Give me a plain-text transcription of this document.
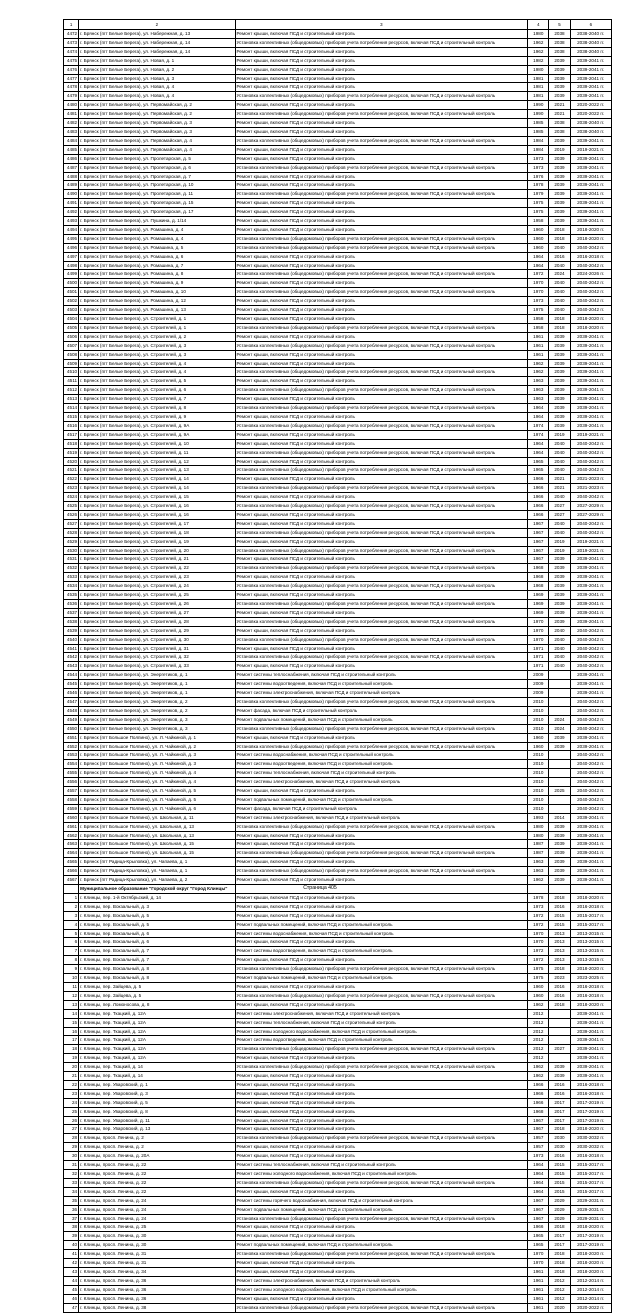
1	2	3	4	5	6
4472	г. Брянск (пгт Белые Берега), ул. Набережная, д. 13	Ремонт крыши, включая ПСД и строительный контроль	1980	2038	2038-2040 гг.
4473	г. Брянск (пгт Белые Берега), ул. Набережная, д. 14	Установка коллективных (общедомовых) приборов учета потребления ресурсов, включая ПСД и строительный контроль	1962	2038	2038-2040 гг.
4474	г. Брянск (пгт Белые Берега), ул. Набережная, д. 14	Ремонт крыши, включая ПСД и строительный контроль	1962	2038	2038-2040 гг.
4475	г. Брянск (пгт Белые Берега), ул. Новая, д. 1	Ремонт крыши, включая ПСД и строительный контроль	1982	2039	2039-2041 гг.
4476	г. Брянск (пгт Белые Берега), ул. Новая, д. 2	Ремонт крыши, включая ПСД и строительный контроль	1980	2039	2039-2041 гг.
4477	г. Брянск (пгт Белые Берега), ул. Новая, д. 3	Ремонт крыши, включая ПСД и строительный контроль	1981	2039	2039-2041 гг.
4478	г. Брянск (пгт Белые Берега), ул. Новая, д. 4	Ремонт крыши, включая ПСД и строительный контроль	1981	2039	2039-2041 гг.
4479	г. Брянск (пгт Белые Берега), ул. Новая, д. 4	Установка коллективных (общедомовых) приборов учета потребления ресурсов, включая ПСД и строительный контроль	1981	2039	2039-2041 гг.
4480	г. Брянск (пгт Белые Берега), ул. Первомайская, д. 2	Ремонт крыши, включая ПСД и строительный контроль	1990	2021	2020-2022 гг.
4481	г. Брянск (пгт Белые Берега), ул. Первомайская, д. 2	Установка коллективных (общедомовых) приборов учета потребления ресурсов, включая ПСД и строительный контроль	1990	2021	2020-2022 гг.
4482	г. Брянск (пгт Белые Берега), ул. Первомайская, д. 3	Ремонт крыши, включая ПСД и строительный контроль	1985	2038	2038-2040 гг.
4483	г. Брянск (пгт Белые Берега), ул. Первомайская, д. 3	Ремонт крыши, включая ПСД и строительный контроль	1985	2038	2038-2040 гг.
4484	г. Брянск (пгт Белые Берега), ул. Первомайская, д. 4	Установка коллективных (общедомовых) приборов учета потребления ресурсов, включая ПСД и строительный контроль	1984	2039	2039-2041 гг.
4485	г. Брянск (пгт Белые Берега), ул. Первомайская, д. 4	Ремонт крыши, включая ПСД и строительный контроль	1984	2019	2019-2021 гг.
4486	г. Брянск (пгт Белые Берега), ул. Пролетарская, д. 5	Ремонт крыши, включая ПСД и строительный контроль	1973	2039	2039-2041 гг.
4487	г. Брянск (пгт Белые Берега), ул. Пролетарская, д. 6	Установка коллективных (общедомовых) приборов учета потребления ресурсов, включая ПСД и строительный контроль	1973	2039	2039-2041 гг.
4488	г. Брянск (пгт Белые Берега), ул. Пролетарская, д. 7	Ремонт крыши, включая ПСД и строительный контроль	1976	2039	2039-2041 гг.
4489	г. Брянск (пгт Белые Берега), ул. Пролетарская, д. 10	Ремонт крыши, включая ПСД и строительный контроль	1978	2039	2039-2041 гг.
4490	г. Брянск (пгт Белые Берега), ул. Пролетарская, д. 11	Установка коллективных (общедомовых) приборов учета потребления ресурсов, включая ПСД и строительный контроль	1979	2039	2039-2041 гг.
4491	г. Брянск (пгт Белые Берега), ул. Пролетарская, д. 15	Ремонт крыши, включая ПСД и строительный контроль	1975	2039	2039-2041 гг.
4492	г. Брянск (пгт Белые Берега), ул. Пролетарская, д. 17	Ремонт крыши, включая ПСД и строительный контроль	1975	2039	2039-2041 гг.
4493	г. Брянск (пгт Белые Берега), ул. Пушкина, д. 1/14	Ремонт крыши, включая ПСД и строительный контроль	1958	2039	2039-2041 гг.
4494	г. Брянск (пгт Белые Берега), ул. Ромашина, д. 4	Ремонт крыши, включая ПСД и строительный контроль	1960	2018	2018-2020 гг.
4495	г. Брянск (пгт Белые Берега), ул. Ромашина, д. 4	Установка коллективных (общедомовых) приборов учета потребления ресурсов, включая ПСД и строительный контроль	1960	2018	2018-2020 гг.
4496	г. Брянск (пгт Белые Берега), ул. Ромашина, д. 5	Установка коллективных (общедомовых) приборов учета потребления ресурсов, включая ПСД и строительный контроль	1960	2040	2040-2042 гг.
4497	г. Брянск (пгт Белые Берега), ул. Ромашина, д. 6	Ремонт крыши, включая ПСД и строительный контроль	1964	2016	2016-2018 гг.
4498	г. Брянск (пгт Белые Берега), ул. Ромашина, д. 7	Ремонт крыши, включая ПСД и строительный контроль	1964	2040	2040-2042 гг.
4499	г. Брянск (пгт Белые Берега), ул. Ромашина, д. 8	Установка коллективных (общедомовых) приборов учета потребления ресурсов, включая ПСД и строительный контроль	1972	2024	2024-2026 гг.
4500	г. Брянск (пгт Белые Берега), ул. Ромашина, д. 9	Ремонт крыши, включая ПСД и строительный контроль	1970	2040	2040-2042 гг.
4501	г. Брянск (пгт Белые Берега), ул. Ромашина, д. 10	Установка коллективных (общедомовых) приборов учета потребления ресурсов, включая ПСД и строительный контроль	1970	2040	2040-2042 гг.
4502	г. Брянск (пгт Белые Берега), ул. Ромашина, д. 12	Ремонт крыши, включая ПСД и строительный контроль	1973	2040	2040-2042 гг.
4503	г. Брянск (пгт Белые Берега), ул. Ромашина, д. 13	Ремонт крыши, включая ПСД и строительный контроль	1975	2040	2040-2042 гг.
4504	г. Брянск (пгт Белые Берега), ул. Строителей, д. 1	Ремонт крыши, включая ПСД и строительный контроль	1958	2018	2018-2020 гг.
4505	г. Брянск (пгт Белые Берега), ул. Строителей, д. 1	Установка коллективных (общедомовых) приборов учета потребления ресурсов, включая ПСД и строительный контроль	1958	2018	2018-2020 гг.
4506	г. Брянск (пгт Белые Берега), ул. Строителей, д. 2	Ремонт крыши, включая ПСД и строительный контроль	1961	2039	2039-2041 гг.
4507	г. Брянск (пгт Белые Берега), ул. Строителей, д. 3	Установка коллективных (общедомовых) приборов учета потребления ресурсов, включая ПСД и строительный контроль	1961	2039	2039-2041 гг.
4508	г. Брянск (пгт Белые Берега), ул. Строителей, д. 3	Ремонт крыши, включая ПСД и строительный контроль	1961	2039	2039-2041 гг.
4509	г. Брянск (пгт Белые Берега), ул. Строителей, д. 4	Ремонт крыши, включая ПСД и строительный контроль	1962	2039	2039-2041 гг.
4510	г. Брянск (пгт Белые Берега), ул. Строителей, д. 4	Установка коллективных (общедомовых) приборов учета потребления ресурсов, включая ПСД и строительный контроль	1962	2039	2039-2041 гг.
4511	г. Брянск (пгт Белые Берега), ул. Строителей, д. 5	Ремонт крыши, включая ПСД и строительный контроль	1963	2039	2039-2041 гг.
4512	г. Брянск (пгт Белые Берега), ул. Строителей, д. 6	Установка коллективных (общедомовых) приборов учета потребления ресурсов, включая ПСД и строительный контроль	1963	2039	2039-2041 гг.
4513	г. Брянск (пгт Белые Берега), ул. Строителей, д. 7	Ремонт крыши, включая ПСД и строительный контроль	1963	2039	2039-2041 гг.
4514	г. Брянск (пгт Белые Берега), ул. Строителей, д. 8	Установка коллективных (общедомовых) приборов учета потребления ресурсов, включая ПСД и строительный контроль	1964	2039	2039-2041 гг.
4515	г. Брянск (пгт Белые Берега), ул. Строителей, д. 9	Ремонт крыши, включая ПСД и строительный контроль	1964	2039	2039-2041 гг.
4516	г. Брянск (пгт Белые Берега), ул. Строителей, д. 9А	Установка коллективных (общедомовых) приборов учета потребления ресурсов, включая ПСД и строительный контроль	1974	2039	2039-2041 гг.
4517	г. Брянск (пгт Белые Берега), ул. Строителей, д. 9А	Ремонт крыши, включая ПСД и строительный контроль	1974	2019	2019-2021 гг.
4518	г. Брянск (пгт Белые Берега), ул. Строителей, д. 10	Ремонт крыши, включая ПСД и строительный контроль	1964	2040	2040-2042 гг.
4519	г. Брянск (пгт Белые Берега), ул. Строителей, д. 11	Установка коллективных (общедомовых) приборов учета потребления ресурсов, включая ПСД и строительный контроль	1964	2040	2040-2042 гг.
4520	г. Брянск (пгт Белые Берега), ул. Строителей, д. 12	Ремонт крыши, включая ПСД и строительный контроль	1965	2040	2040-2042 гг.
4521	г. Брянск (пгт Белые Берега), ул. Строителей, д. 13	Установка коллективных (общедомовых) приборов учета потребления ресурсов, включая ПСД и строительный контроль	1965	2040	2040-2042 гг.
4522	г. Брянск (пгт Белые Берега), ул. Строителей, д. 14	Ремонт крыши, включая ПСД и строительный контроль	1966	2021	2021-2023 гг.
4523	г. Брянск (пгт Белые Берега), ул. Строителей, д. 14	Установка коллективных (общедомовых) приборов учета потребления ресурсов, включая ПСД и строительный контроль	1966	2021	2021-2023 гг.
4524	г. Брянск (пгт Белые Берега), ул. Строителей, д. 15	Ремонт крыши, включая ПСД и строительный контроль	1966	2040	2040-2042 гг.
4525	г. Брянск (пгт Белые Берега), ул. Строителей, д. 16	Установка коллективных (общедомовых) приборов учета потребления ресурсов, включая ПСД и строительный контроль	1966	2027	2027-2029 гг.
4526	г. Брянск (пгт Белые Берега), ул. Строителей, д. 16	Ремонт крыши, включая ПСД и строительный контроль	1966	2027	2027-2029 гг.
4527	г. Брянск (пгт Белые Берега), ул. Строителей, д. 17	Ремонт крыши, включая ПСД и строительный контроль	1967	2040	2040-2042 гг.
4528	г. Брянск (пгт Белые Берега), ул. Строителей, д. 18	Установка коллективных (общедомовых) приборов учета потребления ресурсов, включая ПСД и строительный контроль	1967	2040	2040-2042 гг.
4529	г. Брянск (пгт Белые Берега), ул. Строителей, д. 19	Ремонт крыши, включая ПСД и строительный контроль	1967	2019	2019-2021 гг.
4530	г. Брянск (пгт Белые Берега), ул. Строителей, д. 20	Установка коллективных (общедомовых) приборов учета потребления ресурсов, включая ПСД и строительный контроль	1967	2019	2019-2021 гг.
4531	г. Брянск (пгт Белые Берега), ул. Строителей, д. 21	Ремонт крыши, включая ПСД и строительный контроль	1967	2039	2039-2041 гг.
4532	г. Брянск (пгт Белые Берега), ул. Строителей, д. 22	Установка коллективных (общедомовых) приборов учета потребления ресурсов, включая ПСД и строительный контроль	1968	2039	2039-2041 гг.
4533	г. Брянск (пгт Белые Берега), ул. Строителей, д. 23	Ремонт крыши, включая ПСД и строительный контроль	1968	2039	2039-2041 гг.
4534	г. Брянск (пгт Белые Берега), ул. Строителей, д. 24	Установка коллективных (общедомовых) приборов учета потребления ресурсов, включая ПСД и строительный контроль	1968	2039	2039-2041 гг.
4535	г. Брянск (пгт Белые Берега), ул. Строителей, д. 25	Ремонт крыши, включая ПСД и строительный контроль	1969	2039	2039-2041 гг.
4536	г. Брянск (пгт Белые Берега), ул. Строителей, д. 26	Установка коллективных (общедомовых) приборов учета потребления ресурсов, включая ПСД и строительный контроль	1969	2039	2039-2041 гг.
4537	г. Брянск (пгт Белые Берега), ул. Строителей, д. 27	Ремонт крыши, включая ПСД и строительный контроль	1969	2039	2039-2041 гг.
4538	г. Брянск (пгт Белые Берега), ул. Строителей, д. 28	Установка коллективных (общедомовых) приборов учета потребления ресурсов, включая ПСД и строительный контроль	1970	2039	2039-2041 гг.
4539	г. Брянск (пгт Белые Берега), ул. Строителей, д. 29	Ремонт крыши, включая ПСД и строительный контроль	1970	2040	2040-2042 гг.
4540	г. Брянск (пгт Белые Берега), ул. Строителей, д. 30	Установка коллективных (общедомовых) приборов учета потребления ресурсов, включая ПСД и строительный контроль	1970	2040	2040-2042 гг.
4541	г. Брянск (пгт Белые Берега), ул. Строителей, д. 31	Ремонт крыши, включая ПСД и строительный контроль	1971	2040	2040-2042 гг.
4542	г. Брянск (пгт Белые Берега), ул. Строителей, д. 32	Установка коллективных (общедомовых) приборов учета потребления ресурсов, включая ПСД и строительный контроль	1971	2040	2040-2042 гг.
4543	г. Брянск (пгт Белые Берега), ул. Строителей, д. 33	Ремонт крыши, включая ПСД и строительный контроль	1971	2040	2040-2042 гг.
4544	г. Брянск (пгт Белые Берега), ул. Энергетиков, д. 1	Ремонт системы теплоснабжения, включая ПСД и строительный контроль	2009		2039-2041 гг.
4545	г. Брянск (пгт Белые Берега), ул. Энергетиков, д. 1	Ремонт системы водоотведения, включая ПСД и строительный контроль	2009		2039-2041 гг.
4546	г. Брянск (пгт Белые Берега), ул. Энергетиков, д. 1	Ремонт системы электроснабжения, включая ПСД и строительный контроль	2009		2039-2041 гг.
4547	г. Брянск (пгт Белые Берега), ул. Энергетиков, д. 2	Установка коллективных (общедомовых) приборов учета потребления ресурсов, включая ПСД и строительный контроль	2010		2040-2042 гг.
4548	г. Брянск (пгт Белые Берега), ул. Энергетиков, д. 2	Ремонт фасада, включая ПСД и строительный контроль	2010		2040-2042 гг.
4549	г. Брянск (пгт Белые Берега), ул. Энергетиков, д. 3	Ремонт подвальных помещений, включая ПСД и строительный контроль	2010	2024	2040-2042 гг.
4550	г. Брянск (пгт Белые Берега), ул. Энергетиков, д. 3	Установка коллективных (общедомовых) приборов учета потребления ресурсов, включая ПСД и строительный контроль	2010	2024	2040-2042 гг.
4551	г. Брянск (пгт Большое Полпино), ул. Л. Чайкиной, д. 1	Ремонт крыши, включая ПСД и строительный контроль	1960	2039	2039-2041 гг.
4552	г. Брянск (пгт Большое Полпино), ул. Л. Чайкиной, д. 2	Установка коллективных (общедомовых) приборов учета потребления ресурсов, включая ПСД и строительный контроль	1960	2039	2039-2041 гг.
4553	г. Брянск (пгт Большое Полпино), ул. Л. Чайкиной, д. 3	Ремонт системы водоснабжения, включая ПСД и строительный контроль	2010		2040-2042 гг.
4554	г. Брянск (пгт Большое Полпино), ул. Л. Чайкиной, д. 3	Ремонт системы водоотведения, включая ПСД и строительный контроль	2010		2040-2042 гг.
4555	г. Брянск (пгт Большое Полпино), ул. Л. Чайкиной, д. 4	Ремонт системы теплоснабжения, включая ПСД и строительный контроль	2010		2040-2042 гг.
4556	г. Брянск (пгт Большое Полпино), ул. Л. Чайкиной, д. 4	Ремонт системы электроснабжения, включая ПСД и строительный контроль	2010		2040-2042 гг.
4557	г. Брянск (пгт Большое Полпино), ул. Л. Чайкиной, д. 5	Ремонт крыши, включая ПСД и строительный контроль	2010	2025	2040-2042 гг.
4558	г. Брянск (пгт Большое Полпино), ул. Л. Чайкиной, д. 5	Ремонт подвальных помещений, включая ПСД и строительный контроль	2010		2040-2042 гг.
4559	г. Брянск (пгт Большое Полпино), ул. Л. Чайкиной, д. 6	Ремонт фасада, включая ПСД и строительный контроль	2010		2040-2042 гг.
4560	г. Брянск (пгт Большое Полпино), ул. Школьная, д. 11	Ремонт системы электроснабжения, включая ПСД и строительный контроль	1993	2014	2039-2041 гг.
4561	г. Брянск (пгт Большое Полпино), ул. Школьная, д. 13	Установка коллективных (общедомовых) приборов учета потребления ресурсов, включая ПСД и строительный контроль	1980	2039	2039-2041 гг.
4562	г. Брянск (пгт Большое Полпино), ул. Школьная, д. 13	Ремонт крыши, включая ПСД и строительный контроль	1980	2039	2039-2041 гг.
4563	г. Брянск (пгт Большое Полпино), ул. Школьная, д. 15	Ремонт крыши, включая ПСД и строительный контроль	1987	2039	2039-2041 гг.
4564	г. Брянск (пгт Большое Полпино), ул. Школьная, д. 15	Установка коллективных (общедомовых) приборов учета потребления ресурсов, включая ПСД и строительный контроль	1987	2039	2039-2041 гг.
4565	г. Брянск (пгт Радица-Крыловка), ул. Чапаева, д. 1	Ремонт крыши, включая ПСД и строительный контроль	1963	2039	2039-2041 гг.
4566	г. Брянск (пгт Радица-Крыловка), ул. Чапаева, д. 1	Установка коллективных (общедомовых) приборов учета потребления ресурсов, включая ПСД и строительный контроль	1963	2039	2039-2041 гг.
4567	г. Брянск (пгт Радица-Крыловка), ул. Чапаева, д. 2	Ремонт крыши, включая ПСД и строительный контроль	1962	2039	2039-2041 гг.
	Муниципальное образование "Городской округ "Город Клинцы"				
1	г. Клинцы, пер. 1-й Октябрьский, д. 14	Ремонт крыши, включая ПСД и строительный контроль	1978	2018	2018-2020 гг.
2	г. Клинцы, пер. Вокзальный, д. 3	Ремонт крыши, включая ПСД и строительный контроль	1973	2016	2016-2018 гг.
3	г. Клинцы, пер. Вокзальный, д. 5	Ремонт крыши, включая ПСД и строительный контроль	1972	2015	2015-2017 гг.
4	г. Клинцы, пер. Вокзальный, д. 5	Ремонт подвальных помещений, включая ПСД и строительный контроль	1972	2015	2015-2017 гг.
5	г. Клинцы, пер. Вокзальный, д. 6	Ремонт системы водоснабжения, включая ПСД и строительный контроль	1970	2013	2013-2015 гг.
6	г. Клинцы, пер. Вокзальный, д. 6	Ремонт крыши, включая ПСД и строительный контроль	1970	2013	2013-2015 гг.
7	г. Клинцы, пер. Вокзальный, д. 7	Ремонт системы водоотведения, включая ПСД и строительный контроль	1972	2013	2013-2015 гг.
8	г. Клинцы, пер. Вокзальный, д. 7	Ремонт крыши, включая ПСД и строительный контроль	1972	2013	2013-2015 гг.
9	г. Клинцы, пер. Вокзальный, д. 8	Установка коллективных (общедомовых) приборов учета потребления ресурсов, включая ПСД и строительный контроль	1975	2018	2018-2020 гг.
10	г. Клинцы, пер. Вокзальный, д. 8	Ремонт подвальных помещений, включая ПСД и строительный контроль	1975	2023	2023-2025 гг.
11	г. Клинцы, пер. Зайцева, д. 5	Ремонт крыши, включая ПСД и строительный контроль	1960	2016	2016-2018 гг.
12	г. Клинцы, пер. Зайцева, д. 5	Установка коллективных (общедомовых) приборов учета потребления ресурсов, включая ПСД и строительный контроль	1960	2016	2016-2018 гг.
13	г. Клинцы, пер. Ломоносова, д. 8	Ремонт крыши, включая ПСД и строительный контроль	1962	2018	2018-2020 гг.
14	г. Клинцы, пер. Ткацкий, д. 12А	Ремонт системы электроснабжения, включая ПСД и строительный контроль	2012		2039-2041 гг.
15	г. Клинцы, пер. Ткацкий, д. 12А	Ремонт системы теплоснабжения, включая ПСД и строительный контроль	2012		2039-2041 гг.
16	г. Клинцы, пер. Ткацкий, д. 12А	Ремонт системы холодного водоснабжения, включая ПСД и строительный контроль	2012		2039-2041 гг.
17	г. Клинцы, пер. Ткацкий, д. 12А	Ремонт системы водоотведения, включая ПСД и строительный контроль	2012		2039-2041 гг.
18	г. Клинцы, пер. Ткацкий, д. 12А	Установка коллективных (общедомовых) приборов учета потребления ресурсов, включая ПСД и строительный контроль	2012	2027	2039-2041 гг.
19	г. Клинцы, пер. Ткацкий, д. 12А	Ремонт крыши, включая ПСД и строительный контроль	2012		2039-2041 гг.
20	г. Клинцы, пер. Ткацкий, д. 14	Установка коллективных (общедомовых) приборов учета потребления ресурсов, включая ПСД и строительный контроль	1962	2039	2039-2041 гг.
21	г. Клинцы, пер. Ткацкий, д. 14	Ремонт крыши, включая ПСД и строительный контроль	1962	2039	2039-2041 гг.
22	г. Клинцы, пер. Уваровский, д. 1	Ремонт крыши, включая ПСД и строительный контроль	1966	2016	2016-2018 гг.
23	г. Клинцы, пер. Уваровский, д. 3	Ремонт крыши, включая ПСД и строительный контроль	1966	2016	2016-2018 гг.
24	г. Клинцы, пер. Уваровский, д. 5	Ремонт крыши, включая ПСД и строительный контроль	1966	2017	2017-2019 гг.
25	г. Клинцы, пер. Уваровский, д. 8	Ремонт крыши, включая ПСД и строительный контроль	1968	2017	2017-2019 гг.
26	г. Клинцы, пер. Уваровский, д. 11	Ремонт крыши, включая ПСД и строительный контроль	1967	2017	2017-2019 гг.
27	г. Клинцы, пер. Уваровский, д. 13	Ремонт крыши, включая ПСД и строительный контроль	1967	2018	2018-2020 гг.
28	г. Клинцы, просп. Ленина, д. 2	Установка коллективных (общедомовых) приборов учета потребления ресурсов, включая ПСД и строительный контроль	1957	2030	2030-2032 гг.
29	г. Клинцы, просп. Ленина, д. 2	Ремонт крыши, включая ПСД и строительный контроль	1957	2030	2030-2032 гг.
30	г. Клинцы, просп. Ленина, д. 20А	Ремонт крыши, включая ПСД и строительный контроль	1973	2016	2016-2018 гг.
31	г. Клинцы, просп. Ленина, д. 22	Ремонт системы теплоснабжения, включая ПСД и строительный контроль	1964	2015	2015-2017 гг.
32	г. Клинцы, просп. Ленина, д. 22	Ремонт системы холодного водоснабжения, включая ПСД и строительный контроль	1964	2015	2015-2017 гг.
33	г. Клинцы, просп. Ленина, д. 22	Установка коллективных (общедомовых) приборов учета потребления ресурсов, включая ПСД и строительный контроль	1964	2015	2015-2017 гг.
34	г. Клинцы, просп. Ленина, д. 22	Ремонт крыши, включая ПСД и строительный контроль	1964	2015	2015-2017 гг.
35	г. Клинцы, просп. Ленина, д. 24	Ремонт системы горячего водоснабжения, включая ПСД и строительный контроль	1967	2029	2029-2031 гг.
36	г. Клинцы, просп. Ленина, д. 24	Ремонт подвальных помещений, включая ПСД и строительный контроль	1967	2029	2029-2031 гг.
37	г. Клинцы, просп. Ленина, д. 24	Установка коллективных (общедомовых) приборов учета потребления ресурсов, включая ПСД и строительный контроль	1967	2029	2029-2031 гг.
38	г. Клинцы, просп. Ленина, д. 25	Ремонт крыши, включая ПСД и строительный контроль	1966	2018	2018-2020 гг.
39	г. Клинцы, просп. Ленина, д. 30	Ремонт крыши, включая ПСД и строительный контроль	1965	2017	2017-2019 гг.
40	г. Клинцы, просп. Ленина, д. 30	Ремонт подвальных помещений, включая ПСД и строительный контроль	1965	2017	2017-2019 гг.
41	г. Клинцы, просп. Ленина, д. 31	Установка коллективных (общедомовых) приборов учета потребления ресурсов, включая ПСД и строительный контроль	1970	2018	2018-2020 гг.
42	г. Клинцы, просп. Ленина, д. 31	Ремонт крыши, включая ПСД и строительный контроль	1970	2018	2018-2020 гг.
43	г. Клинцы, просп. Ленина, д. 34	Ремонт крыши, включая ПСД и строительный контроль	1961	2018	2018-2020 гг.
44	г. Клинцы, просп. Ленина, д. 36	Ремонт системы электроснабжения, включая ПСД и строительный контроль	1961	2012	2012-2014 гг.
45	г. Клинцы, просп. Ленина, д. 36	Ремонт системы холодного водоснабжения, включая ПСД и строительный контроль	1961	2012	2012-2014 гг.
46	г. Клинцы, просп. Ленина, д. 36	Ремонт крыши, включая ПСД и строительный контроль	1961	2012	2012-2014 гг.
47	г. Клинцы, просп. Ленина, д. 38	Установка коллективных (общедомовых) приборов учета потребления ресурсов, включая ПСД и строительный контроль	1961	2020	2020-2022 гг.
Страница 405
